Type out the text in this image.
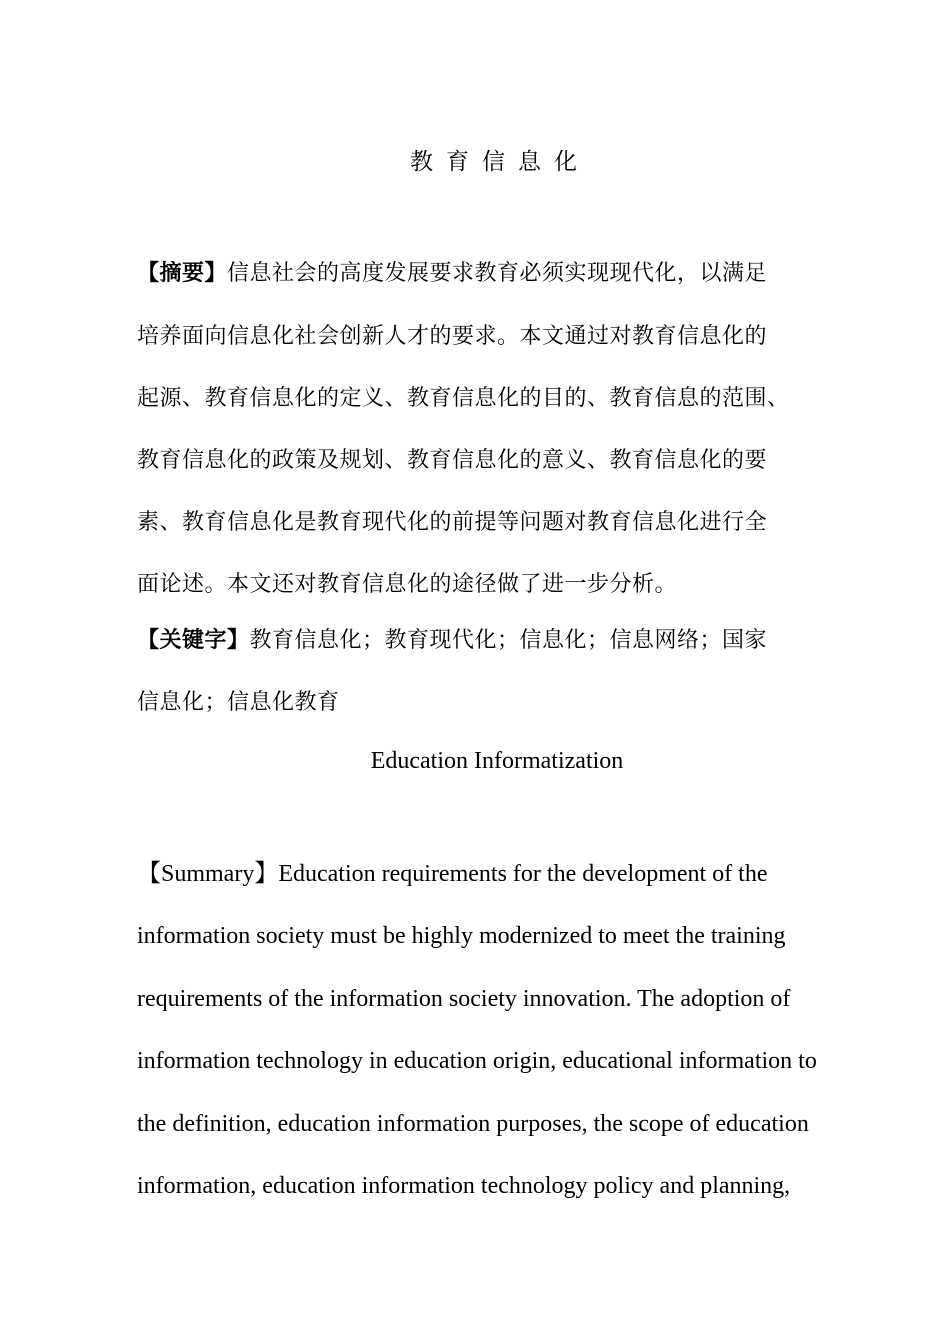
教育信息化
【摘要】信息社会的高度发展要求教育必须实现现代化，以满足
培养面向信息化社会创新人才的要求。本文通过对教育信息化的
起源、教育信息化的定义、教育信息化的目的、教育信息的范围、
教育信息化的政策及规划、教育信息化的意义、教育信息化的要
素、教育信息化是教育现代化的前提等问题对教育信息化进行全
面论述。本文还对教育信息化的途径做了进一步分析。
【关键字】教育信息化；教育现代化；信息化；信息网络；国家
信息化；信息化教育
Education Informatization
【Summary】Education requirements for the development of the
information society must be highly modernized to meet the training
requirements of the information society innovation. The adoption of
information technology in education origin, educational information to
the definition, education information purposes, the scope of education
information, education information technology policy and planning,
